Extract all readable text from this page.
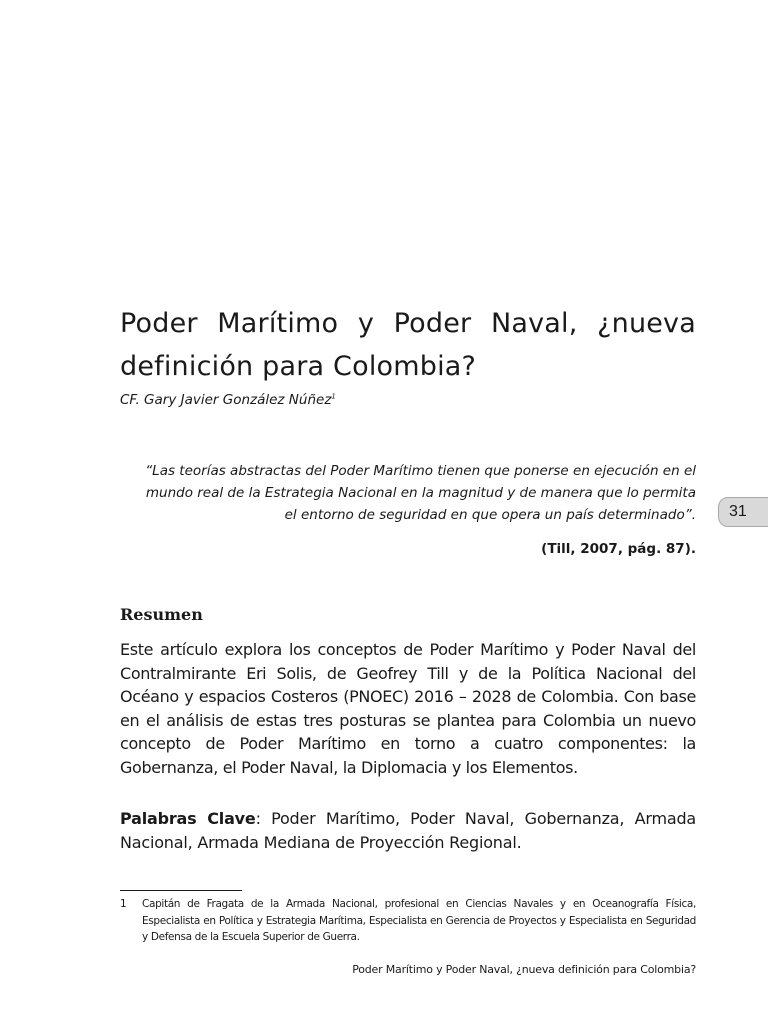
Poder Marítimo y Poder Naval, ¿nueva definición para Colombia?
CF. Gary Javier González Núñez$^1$
“Las teorías abstractas del Poder Marítimo tienen que ponerse en ejecución en el mundo real de la Estrategia Nacional en la magnitud y de manera que lo permita el entorno de seguridad en que opera un país determinado”.
(Till, 2007, pág. 87).
31
Resumen
Este artículo explora los conceptos de Poder Marítimo y Poder Naval del Contralmirante Eri Solis, de Geofrey Till y de la Política Nacional del Océano y espacios Costeros (PNOEC) 2016 – 2028 de Colombia. Con base en el análisis de estas tres posturas se plantea para Colombia un nuevo concepto de Poder Marítimo en torno a cuatro componentes: la Gobernanza, el Poder Naval, la Diplomacia y los Elementos.
Palabras Clave: Poder Marítimo, Poder Naval, Gobernanza, Armada Nacional, Armada Mediana de Proyección Regional.
1 Capitán de Fragata de la Armada Nacional, profesional en Ciencias Navales y en Oceanografía Física, Especialista en Política y Estrategia Marítima, Especialista en Gerencia de Proyectos y Especialista en Seguridad y Defensa de la Escuela Superior de Guerra.
Poder Marítimo y Poder Naval, ¿nueva definición para Colombia?
